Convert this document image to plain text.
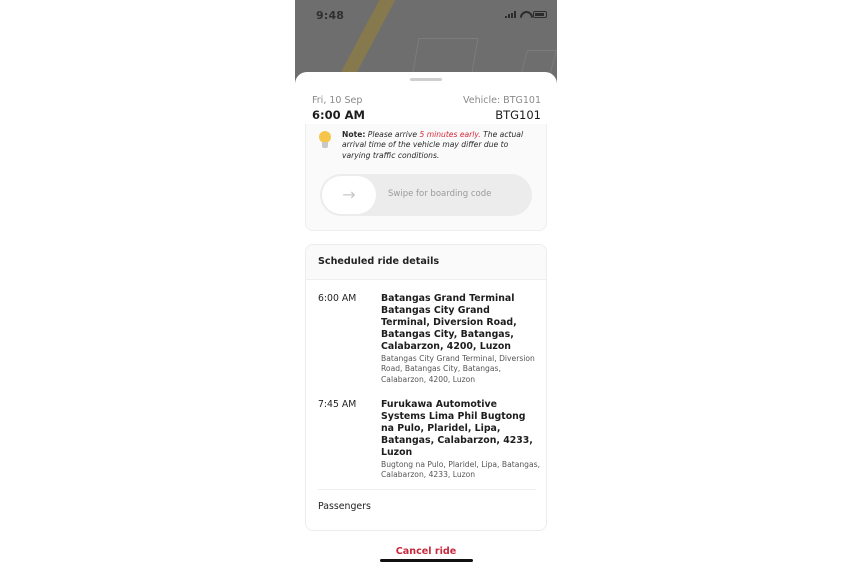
9:48
Fri, 10 Sep
6:00 AM
Vehicle: BTG101
BTG101

Note: Please arrive 5 minutes early. The actual arrival time of the vehicle may differ due to varying traffic conditions.

→	Swipe for boarding code
Scheduled ride details
6:00 AM	Batangas Grand Terminal Batangas City Grand Terminal, Diversion Road, Batangas City, Batangas, Calabarzon, 4200, Luzon
Batangas City Grand Terminal, Diversion Road, Batangas City, Batangas, Calabarzon, 4200, Luzon
7:45 AM	Furukawa Automotive Systems Lima Phil Bugtong na Pulo, Plaridel, Lipa, Batangas, Calabarzon, 4233, Luzon
Bugtong na Pulo, Plaridel, Lipa, Batangas, Calabarzon, 4233, Luzon
Passengers
Cancel ride
